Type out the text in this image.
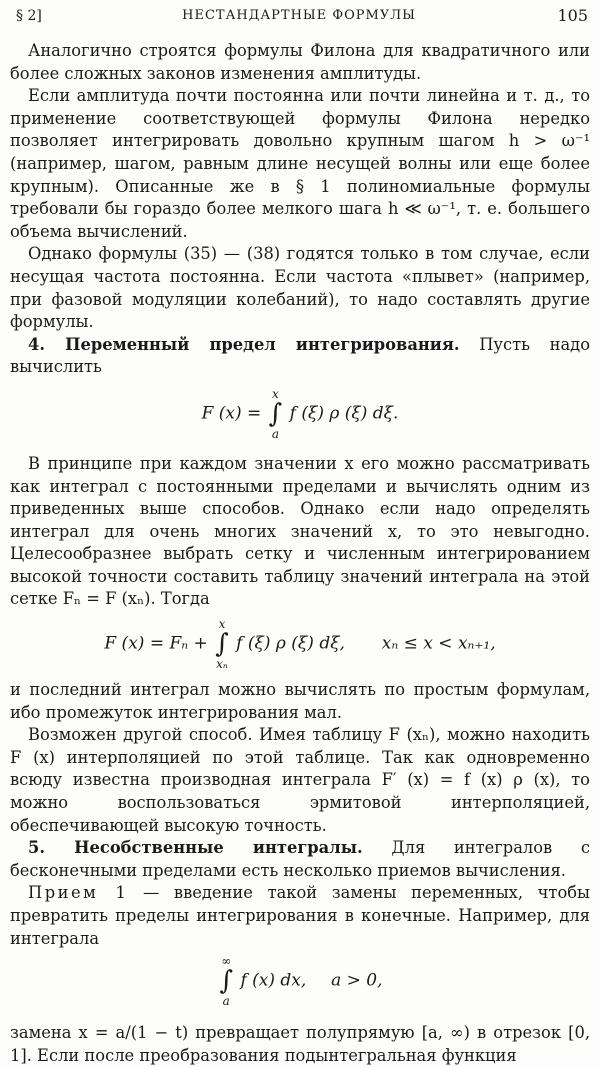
§ 2]	НЕСТАНДАРТНЫЕ ФОРМУЛЫ	105

Аналогично строятся формулы Филона для квадратичного или более сложных законов изменения амплитуды.

Если амплитуда почти постоянна или почти линейна и т. д., то применение соответствующей формулы Филона нередко позволяет интегрировать довольно крупным шагом h > ω⁻¹ (например, шагом, равным длине несущей волны или еще более крупным). Описанные же в § 1 полиномиальные формулы требовали бы гораздо более мелкого шага h ≪ ω⁻¹, т. е. большего объема вычислений.

Однако формулы (35) — (38) годятся только в том случае, если несущая частота постоянна. Если частота «плывет» (например, при фазовой модуляции колебаний), то надо составлять другие формулы.

4. Переменный предел интегрирования. Пусть надо вычислить

F (x) =
x
∫
a
f (ξ) ρ (ξ) dξ.

В принципе при каждом значении x его можно рассматривать как интеграл с постоянными пределами и вычислять одним из приведенных выше способов. Однако если надо определять интеграл для очень многих значений x, то это невыгодно. Целесообразнее выбрать сетку и численным интегрированием высокой точности составить таблицу значений интеграла на этой сетке Fₙ = F (xₙ). Тогда

F (x) = Fₙ +
x
∫
xₙ
f (ξ) ρ (ξ) dξ, xₙ ≤ x < xₙ₊₁,

и последний интеграл можно вычислять по простым формулам, ибо промежуток интегрирования мал.

Возможен другой способ. Имея таблицу F (xₙ), можно находить F (x) интерполяцией по этой таблице. Так как одновременно всюду известна производная интеграла F′ (x) = f (x) ρ (x), то можно воспользоваться эрмитовой интерполяцией, обеспечивающей высокую точность.

5. Несобственные интегралы. Для интегралов с бесконечными пределами есть несколько приемов вычисления.

Прием 1 — введение такой замены переменных, чтобы превратить пределы интегрирования в конечные. Например, для интеграла

∞
∫
a
f (x) dx, a > 0,

замена x = a/(1 − t) превращает полупрямую [a, ∞) в отрезок [0, 1]. Если после преобразования подынтегральная функция
